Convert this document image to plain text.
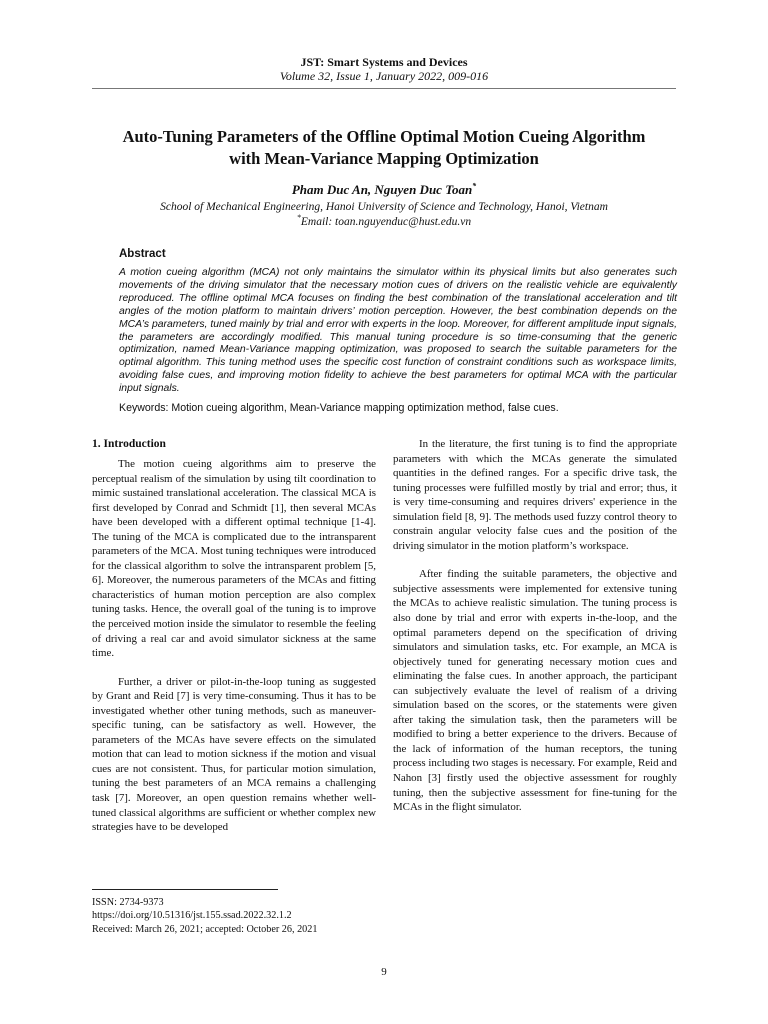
JST: Smart Systems and Devices
Volume 32, Issue 1, January 2022, 009-016
Auto-Tuning Parameters of the Offline Optimal Motion Cueing Algorithm
with Mean-Variance Mapping Optimization
Pham Duc An, Nguyen Duc Toan*
School of Mechanical Engineering, Hanoi University of Science and Technology, Hanoi, Vietnam
*Email: toan.nguyenduc@hust.edu.vn
Abstract

A motion cueing algorithm (MCA) not only maintains the simulator within its physical limits but also generates such movements of the driving simulator that the necessary motion cues of drivers on the realistic vehicle are equivalently reproduced. The offline optimal MCA focuses on finding the best combination of the translational acceleration and tilt angles of the motion platform to maintain drivers’ motion perception. However, the best combination depends on the MCA’s parameters, tuned mainly by trial and error with experts in the loop. Moreover, for different amplitude input signals, the parameters are accordingly modified. This manual tuning procedure is so time-consuming that the generic optimization, named Mean-Variance mapping optimization, was proposed to search the suitable parameters for the optimal algorithm. This tuning method uses the specific cost function of constraint conditions such as workspace limits, avoiding false cues, and improving motion fidelity to achieve the best parameters for optimal MCA with the particular input signals.

Keywords: Motion cueing algorithm, Mean-Variance mapping optimization method, false cues.
1. Introduction

The motion cueing algorithms aim to preserve the perceptual realism of the simulation by using tilt coordination to mimic sustained translational acceleration. The classical MCA is first developed by Conrad and Schmidt [1], then several MCAs have been developed with a different optimal technique [1-4]. The tuning of the MCA is complicated due to the intransparent parameters of the MCA. Most tuning techniques were introduced for the classical algorithm to solve the intransparent problem [5, 6]. Moreover, the numerous parameters of the MCAs and fitting characteristics of human motion perception are also complex tuning tasks. Hence, the overall goal of the tuning is to improve the perceived motion inside the simulator to resemble the feeling of driving a real car and avoid simulator sickness at the same time.

Further, a driver or pilot-in-the-loop tuning as suggested by Grant and Reid [7] is very time-consuming. Thus it has to be investigated whether other tuning methods, such as maneuver-specific tuning, can be satisfactory as well. However, the parameters of the MCAs have severe effects on the simulated motion that can lead to motion sickness if the motion and visual cues are not consistent. Thus, for particular motion simulation, tuning the best parameters of an MCA remains a challenging task [7]. Moreover, an open question remains whether well-tuned classical algorithms are sufficient or whether complex new strategies have to be developed

In the literature, the first tuning is to find the appropriate parameters with which the MCAs generate the simulated quantities in the defined ranges. For a specific drive task, the tuning processes were fulfilled mostly by trial and error; thus, it is very time-consuming and requires drivers' experience in the simulation field [8, 9]. The methods used fuzzy control theory to constrain angular velocity false cues and the position of the driving simulator in the motion platform’s workspace.

After finding the suitable parameters, the objective and subjective assessments were implemented for extensive tuning the MCAs to achieve realistic simulation. The tuning process is also done by trial and error with experts in-the-loop, and the optimal parameters depend on the specification of driving simulators and simulation tasks, etc. For example, an MCA is objectively tuned for generating necessary motion cues and eliminating the false cues. In another approach, the participant can subjectively evaluate the level of realism of a driving simulation based on the scores, or the statements were given after taking the simulation task, then the parameters will be modified to bring a better experience to the drivers. Because of the lack of information of the human receptors, the tuning process including two stages is necessary. For example, Reid and Nahon [3] firstly used the objective assessment for roughly tuning, then the subjective assessment for fine-tuning for the MCAs in the flight simulator.

ISSN: 2734-9373
https://doi.org/10.51316/jst.155.ssad.2022.32.1.2
Received: March 26, 2021; accepted: October 26, 2021
9
